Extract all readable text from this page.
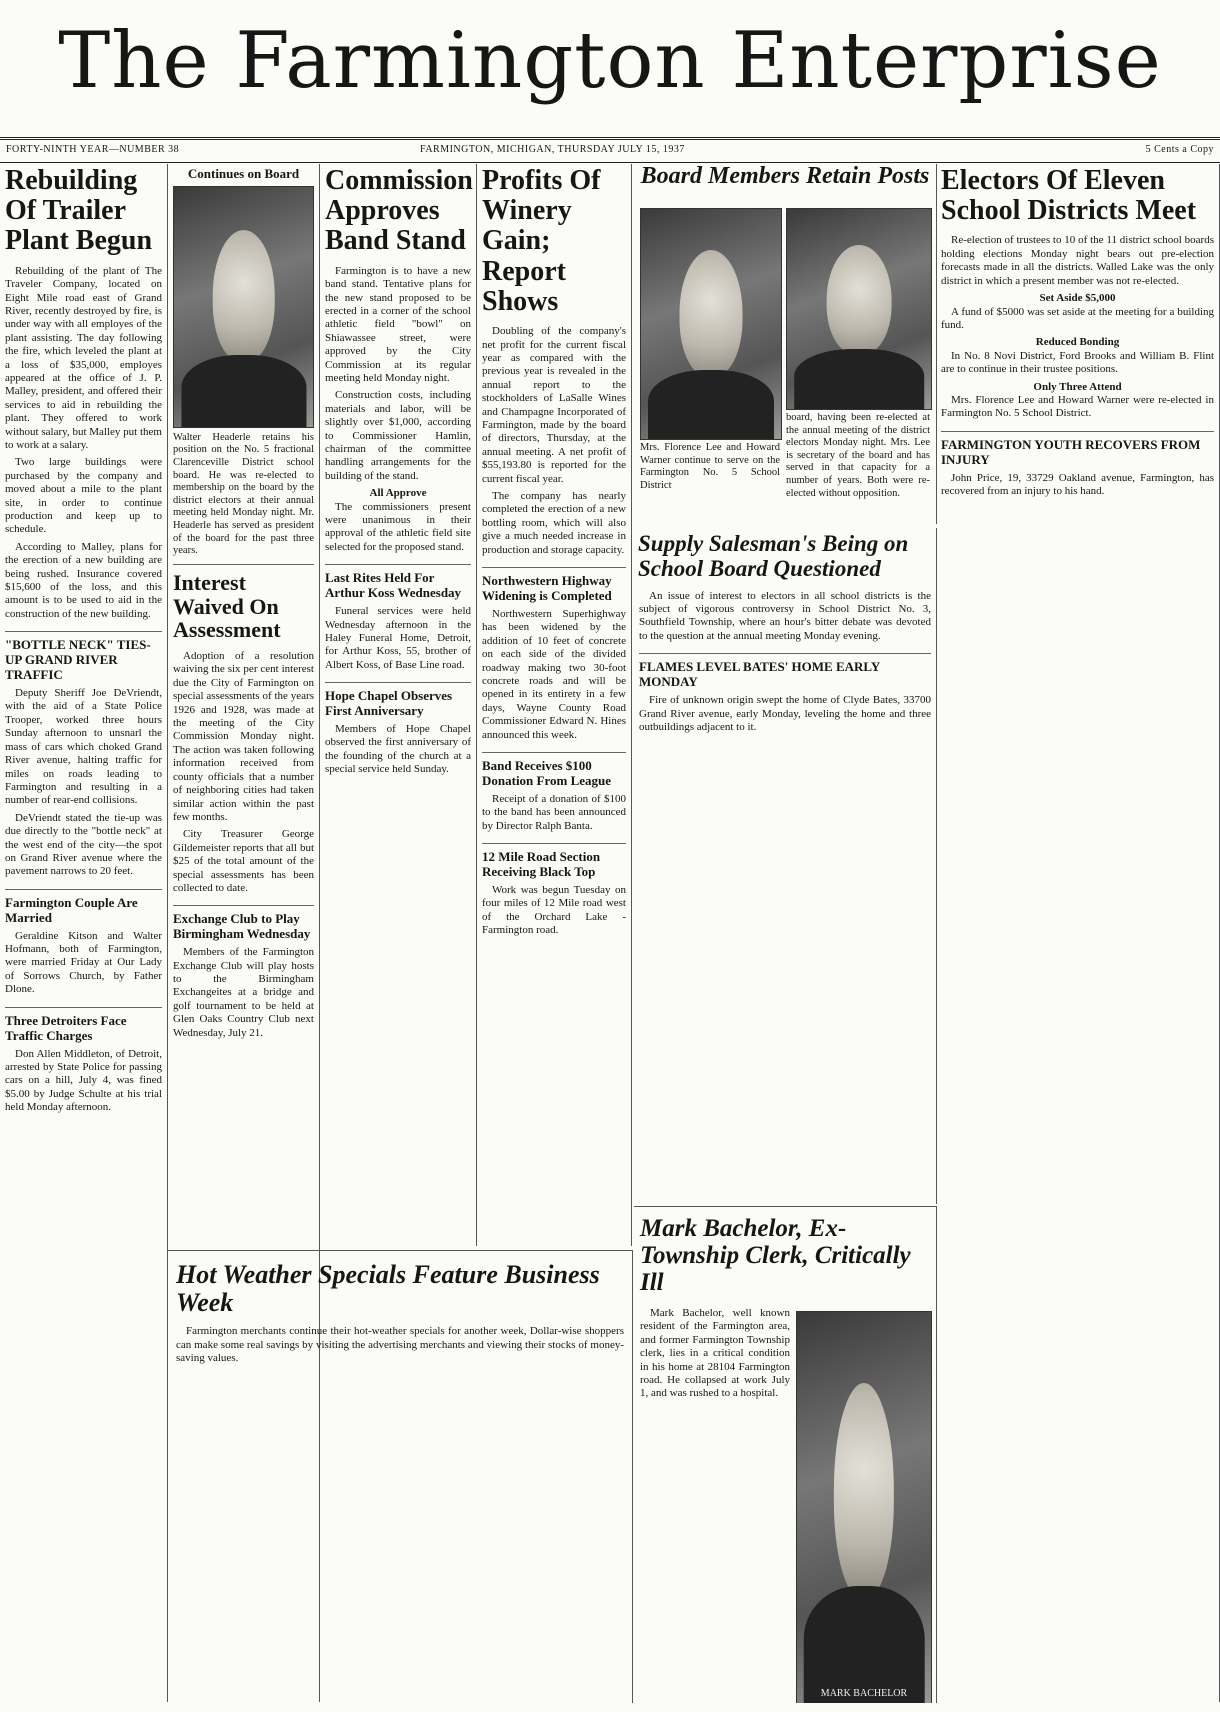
The Farmington Enterprise
FORTY-NINTH YEAR—NUMBER 38	FARMINGTON, MICHIGAN, THURSDAY JULY 15, 1937	5 Cents a Copy
Rebuilding Of Trailer Plant Begun

Rebuilding of the plant of The Traveler Company, located on Eight Mile road east of Grand River, recently destroyed by fire, is under way with all employes of the plant assisting. The day following the fire, which leveled the plant at a loss of $35,000, employes appeared at the office of J. P. Malley, president, and offered their services to aid in rebuilding the plant. They offered to work without salary, but Malley put them to work at a salary.

Two large buildings were purchased by the company and moved about a mile to the plant site, in order to continue production and keep up to schedule.

According to Malley, plans for the erection of a new building are being rushed. Insurance covered $15,600 of the loss, and this amount is to be used to aid in the construction of the new building.

"BOTTLE NECK" TIES-UP GRAND RIVER TRAFFIC

Deputy Sheriff Joe DeVriendt, with the aid of a State Police Trooper, worked three hours Sunday afternoon to unsnarl the mass of cars which choked Grand River avenue, halting traffic for miles on roads leading to Farmington and resulting in a number of rear-end collisions.

DeVriendt stated the tie-up was due directly to the "bottle neck" at the west end of the city—the spot on Grand River avenue where the pavement narrows to 20 feet.

Farmington Couple Are Married

Geraldine Kitson and Walter Hofmann, both of Farmington, were married Friday at Our Lady of Sorrows Church, by Father Dlone.

Three Detroiters Face Traffic Charges

Don Allen Middleton, of Detroit, arrested by State Police for passing cars on a hill, July 4, was fined $5.00 by Judge Schulte at his trial held Monday afternoon.

Continues on Board
Walter Headerle retains his position on the No. 5 fractional Clarenceville District school board. He was re-elected to membership on the board by the district electors at their annual meeting held Monday night. Mr. Headerle has served as president of the board for the past three years.
Interest Waived On Assessment

Adoption of a resolution waiving the six per cent interest due the City of Farmington on special assessments of the years 1926 and 1928, was made at the meeting of the City Commission Monday night. The action was taken following information received from county officials that a number of neighboring cities had taken similar action within the past few months.

City Treasurer George Gildemeister reports that all but $25 of the total amount of the special assessments has been collected to date.

Exchange Club to Play Birmingham Wednesday

Members of the Farmington Exchange Club will play hosts to the Birmingham Exchangeites at a bridge and golf tournament to be held at Glen Oaks Country Club next Wednesday, July 21.

Commission Approves Band Stand

Farmington is to have a new band stand. Tentative plans for the new stand proposed to be erected in a corner of the school athletic field "bowl" on Shiawassee street, were approved by the City Commission at its regular meeting held Monday night.

Construction costs, including materials and labor, will be slightly over $1,000, according to Commissioner Hamlin, chairman of the committee handling arrangements for the building of the stand.

All Approve

The commissioners present were unanimous in their approval of the athletic field site selected for the proposed stand.

Last Rites Held For Arthur Koss Wednesday

Funeral services were held Wednesday afternoon in the Haley Funeral Home, Detroit, for Arthur Koss, 55, brother of Albert Koss, of Base Line road.

Hope Chapel Observes First Anniversary

Members of Hope Chapel observed the first anniversary of the founding of the church at a special service held Sunday.

Profits Of Winery Gain; Report Shows

Doubling of the company's net profit for the current fiscal year as compared with the previous year is revealed in the annual report to the stockholders of LaSalle Wines and Champagne Incorporated of Farmington, made by the board of directors, Thursday, at the annual meeting. A net profit of $55,193.80 is reported for the current fiscal year.

The company has nearly completed the erection of a new bottling room, which will also give a much needed increase in production and storage capacity.

Northwestern Highway Widening is Completed

Northwestern Superhighway has been widened by the addition of 10 feet of concrete on each side of the divided roadway making two 30-foot concrete roads and will be opened in its entirety in a few days, Wayne County Road Commissioner Edward N. Hines announced this week.

Band Receives $100 Donation From League

Receipt of a donation of $100 to the band has been announced by Director Ralph Banta.

12 Mile Road Section Receiving Black Top

Work was begun Tuesday on four miles of 12 Mile road west of the Orchard Lake - Farmington road.

Board Members Retain Posts
Mrs. Florence Lee and Howard Warner continue to serve on the Farmington No. 5 School District
board, having been re-elected at the annual meeting of the district electors Monday night. Mrs. Lee is secretary of the board and has served in that capacity for a number of years. Both were re-elected without opposition.
Supply Salesman's Being on School Board Questioned

An issue of interest to electors in all school districts is the subject of vigorous controversy in School District No. 3, Southfield Township, where an hour's bitter debate was devoted to the question at the annual meeting Monday evening.

FLAMES LEVEL BATES' HOME EARLY MONDAY

Fire of unknown origin swept the home of Clyde Bates, 33700 Grand River avenue, early Monday, leveling the home and three outbuildings adjacent to it.

Electors Of Eleven School Districts Meet

Re-election of trustees to 10 of the 11 district school boards holding elections Monday night bears out pre-election forecasts made in all the districts. Walled Lake was the only district in which a present member was not re-elected.

Set Aside $5,000

A fund of $5000 was set aside at the meeting for a building fund.

Reduced Bonding

In No. 8 Novi District, Ford Brooks and William B. Flint are to continue in their trustee positions.

Only Three Attend

Mrs. Florence Lee and Howard Warner were re-elected in Farmington No. 5 School District.

FARMINGTON YOUTH RECOVERS FROM INJURY

John Price, 19, 33729 Oakland avenue, Farmington, has recovered from an injury to his hand.

Hot Weather Specials Feature Business Week

Farmington merchants continue their hot-weather specials for another week, Dollar-wise shoppers can make some real savings by visiting the advertising merchants and viewing their stocks of money-saving values.

Mark Bachelor, Ex-Township Clerk, Critically Ill

Mark Bachelor, well known resident of the Farmington area, and former Farmington Township clerk, lies in a critical condition in his home at 28104 Farmington road. He collapsed at work July 1, and was rushed to a hospital.

MARK BACHELOR
